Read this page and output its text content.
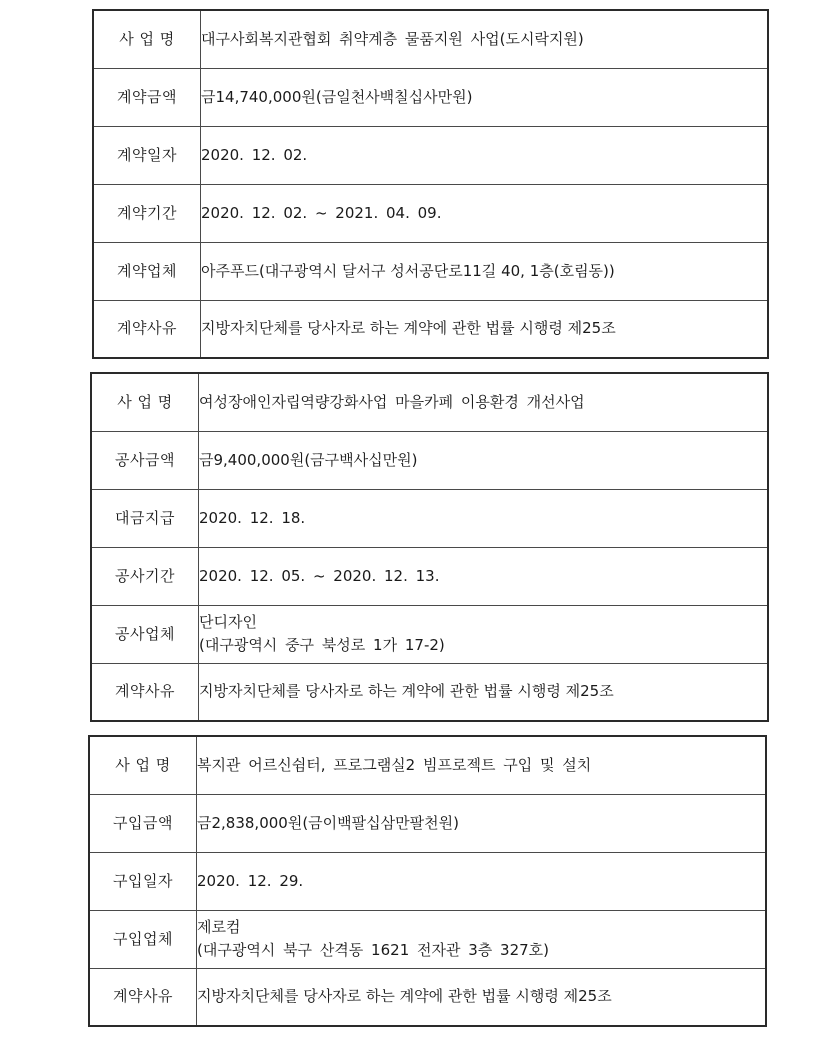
사 업 명	대구사회복지관협회 취약계층 물품지원 사업(도시락지원)
계약금액	금14,740,000원(금일천사백칠십사만원)
계약일자	2020. 12. 02.
계약기간	2020. 12. 02. ~ 2021. 04. 09.
계약업체	아주푸드(대구광역시 달서구 성서공단로11길 40, 1층(호림동))
계약사유	지방자치단체를 당사자로 하는 계약에 관한 법률 시행령 제25조
사 업 명	여성장애인자립역량강화사업 마을카페 이용환경 개선사업
공사금액	금9,400,000원(금구백사십만원)
대금지급	2020. 12. 18.
공사기간	2020. 12. 05. ~ 2020. 12. 13.
공사업체	단디자인
(대구광역시 중구 북성로 1가 17-2)

계약사유	지방자치단체를 당사자로 하는 계약에 관한 법률 시행령 제25조
사 업 명	복지관 어르신쉼터, 프로그램실2 빔프로젝트 구입 및 설치
구입금액	금2,838,000원(금이백팔십삼만팔천원)
구입일자	2020. 12. 29.
구입업체	제로컴
(대구광역시 북구 산격동 1621 전자관 3층 327호)

계약사유	지방자치단체를 당사자로 하는 계약에 관한 법률 시행령 제25조
